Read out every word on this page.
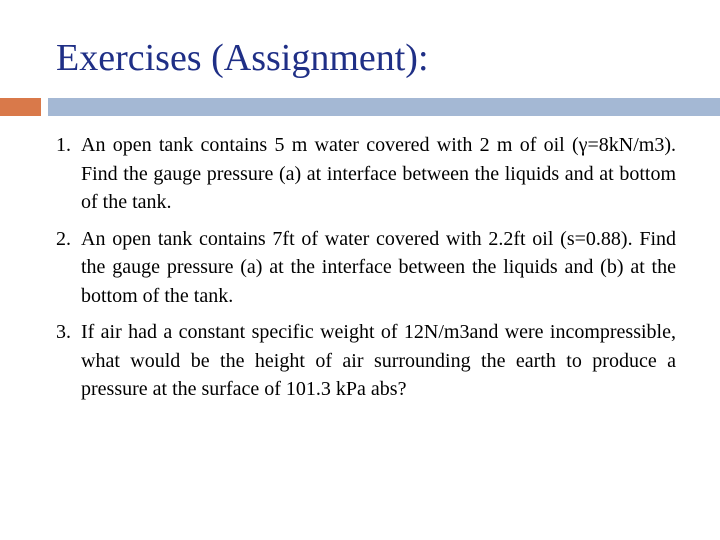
Exercises (Assignment):
1. An open tank contains 5 m water covered with 2 m of oil (γ=8kN/m3). Find the gauge pressure (a) at interface between the liquids and at bottom of the tank.
2. An open tank contains 7ft of water covered with 2.2ft oil (s=0.88). Find the gauge pressure (a) at the interface between the liquids and (b) at the bottom of the tank.
3. If air had a constant specific weight of 12N/m3and were incompressible, what would be the height of air surrounding the earth to produce a pressure at the surface of 101.3 kPa abs?
